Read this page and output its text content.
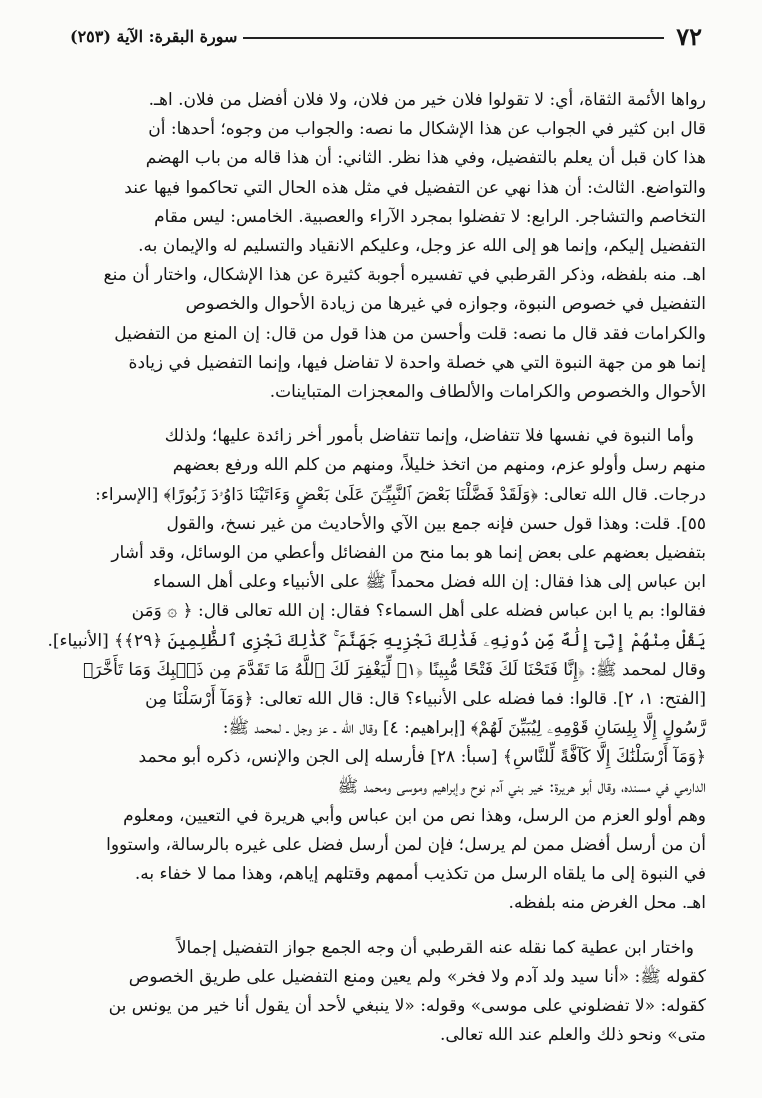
٧٢
سورة البقرة: الآية (٢٥٣)
رواها الأئمة الثقاة، أي: لا تقولوا فلان خير من فلان، ولا فلان أفضل من فلان. اهـ.
قال ابن كثير في الجواب عن هذا الإشكال ما نصه: والجواب من وجوه؛ أحدها: أن
هذا كان قبل أن يعلم بالتفضيل، وفي هذا نظر. الثاني: أن هذا قاله من باب الهضم
والتواضع. الثالث: أن هذا نهي عن التفضيل في مثل هذه الحال التي تحاكموا فيها عند
التخاصم والتشاجر. الرابع: لا تفضلوا بمجرد الآراء والعصبية. الخامس: ليس مقام
التفضيل إليكم، وإنما هو إلى الله عز وجل، وعليكم الانقياد والتسليم له والإيمان به.
اهـ. منه بلفظه، وذكر القرطبي في تفسيره أجوبة كثيرة عن هذا الإشكال، واختار أن منع
التفضيل في خصوص النبوة، وجوازه في غيرها من زيادة الأحوال والخصوص
والكرامات فقد قال ما نصه: قلت وأحسن من هذا قول من قال: إن المنع من التفضيل
إنما هو من جهة النبوة التي هي خصلة واحدة لا تفاضل فيها، وإنما التفضيل في زيادة
الأحوال والخصوص والكرامات والألطاف والمعجزات المتباينات.
وأما النبوة في نفسها فلا تتفاضل، وإنما تتفاضل بأمور أخر زائدة عليها؛ ولذلك
منهم رسل وأولو عزم، ومنهم من اتخذ خليلاً، ومنهم من كلم الله ورفع بعضهم
درجات. قال الله تعالى: ﴿وَلَقَدْ فَضَّلْنَا بَعْضَ ٱلنَّبِيِّـۧنَ عَلَىٰ بَعْضٍ وَءَاتَيْنَا دَاوُۥدَ زَبُورًا﴾ [الإسراء:
٥٥]. قلت: وهذا قول حسن فإنه جمع بين الآي والأحاديث من غير نسخ، والقول
بتفضيل بعضهم على بعض إنما هو بما منح من الفضائل وأعطي من الوسائل، وقد أشار
ابن عباس إلى هذا فقال: إن الله فضل محمداً ﷺ على الأنبياء وعلى أهل السماء
فقالوا: بم يا ابن عباس فضله على أهل السماء؟ فقال: إن الله تعالى قال: ﴿ ۞ وَمَن
يَقُلْ مِنْهُمْ إِنِّىٓ إِلَٰهٌ مِّن دُونِهِۦ فَذَٰلِكَ نَجْزِيهِ جَهَنَّمَ ۚ كَذَٰلِكَ نَجْزِى ٱلظَّٰلِمِينَ ﴿٢٩﴾﴾ [الأنبياء].
وقال لمحمد ﷺ: ﴿إِنَّا فَتَحْنَا لَكَ فَتْحًا مُّبِينًا ﴿١﴾ لِّيَغْفِرَ لَكَ ٱللَّهُ مَا تَقَدَّمَ مِن ذَنۢبِكَ وَمَا تَأَخَّرَ﴾
[الفتح: ١، ٢]. قالوا: فما فضله على الأنبياء؟ قال: قال الله تعالى: ﴿وَمَآ أَرْسَلْنَا مِن
رَّسُولٍ إِلَّا بِلِسَانِ قَوْمِهِۦ لِيُبَيِّنَ لَهُمْ﴾ [إبراهيم: ٤] وقال الله ـ عز وجل ـ لمحمد ﷺ:
﴿وَمَآ أَرْسَلْنَٰكَ إِلَّا كَآفَّةً لِّلنَّاسِ﴾ [سبأ: ٢٨] فأرسله إلى الجن والإنس، ذكره أبو محمد
الدارمي في مسنده، وقال أبو هريرة: خير بني آدم نوح وإبراهيم وموسى ومحمد ﷺ
وهم أولو العزم من الرسل، وهذا نص من ابن عباس وأبي هريرة في التعيين، ومعلوم
أن من أرسل أفضل ممن لم يرسل؛ فإن لمن أرسل فضل على غيره بالرسالة، واستووا
في النبوة إلى ما يلقاه الرسل من تكذيب أممهم وقتلهم إياهم، وهذا مما لا خفاء به.
اهـ. محل الغرض منه بلفظه.
واختار ابن عطية كما نقله عنه القرطبي أن وجه الجمع جواز التفضيل إجمالاً
كقوله ﷺ: «أنا سيد ولد آدم ولا فخر» ولم يعين ومنع التفضيل على طريق الخصوص
كقوله: «لا تفضلوني على موسى» وقوله: «لا ينبغي لأحد أن يقول أنا خير من يونس بن
متى» ونحو ذلك والعلم عند الله تعالى.
